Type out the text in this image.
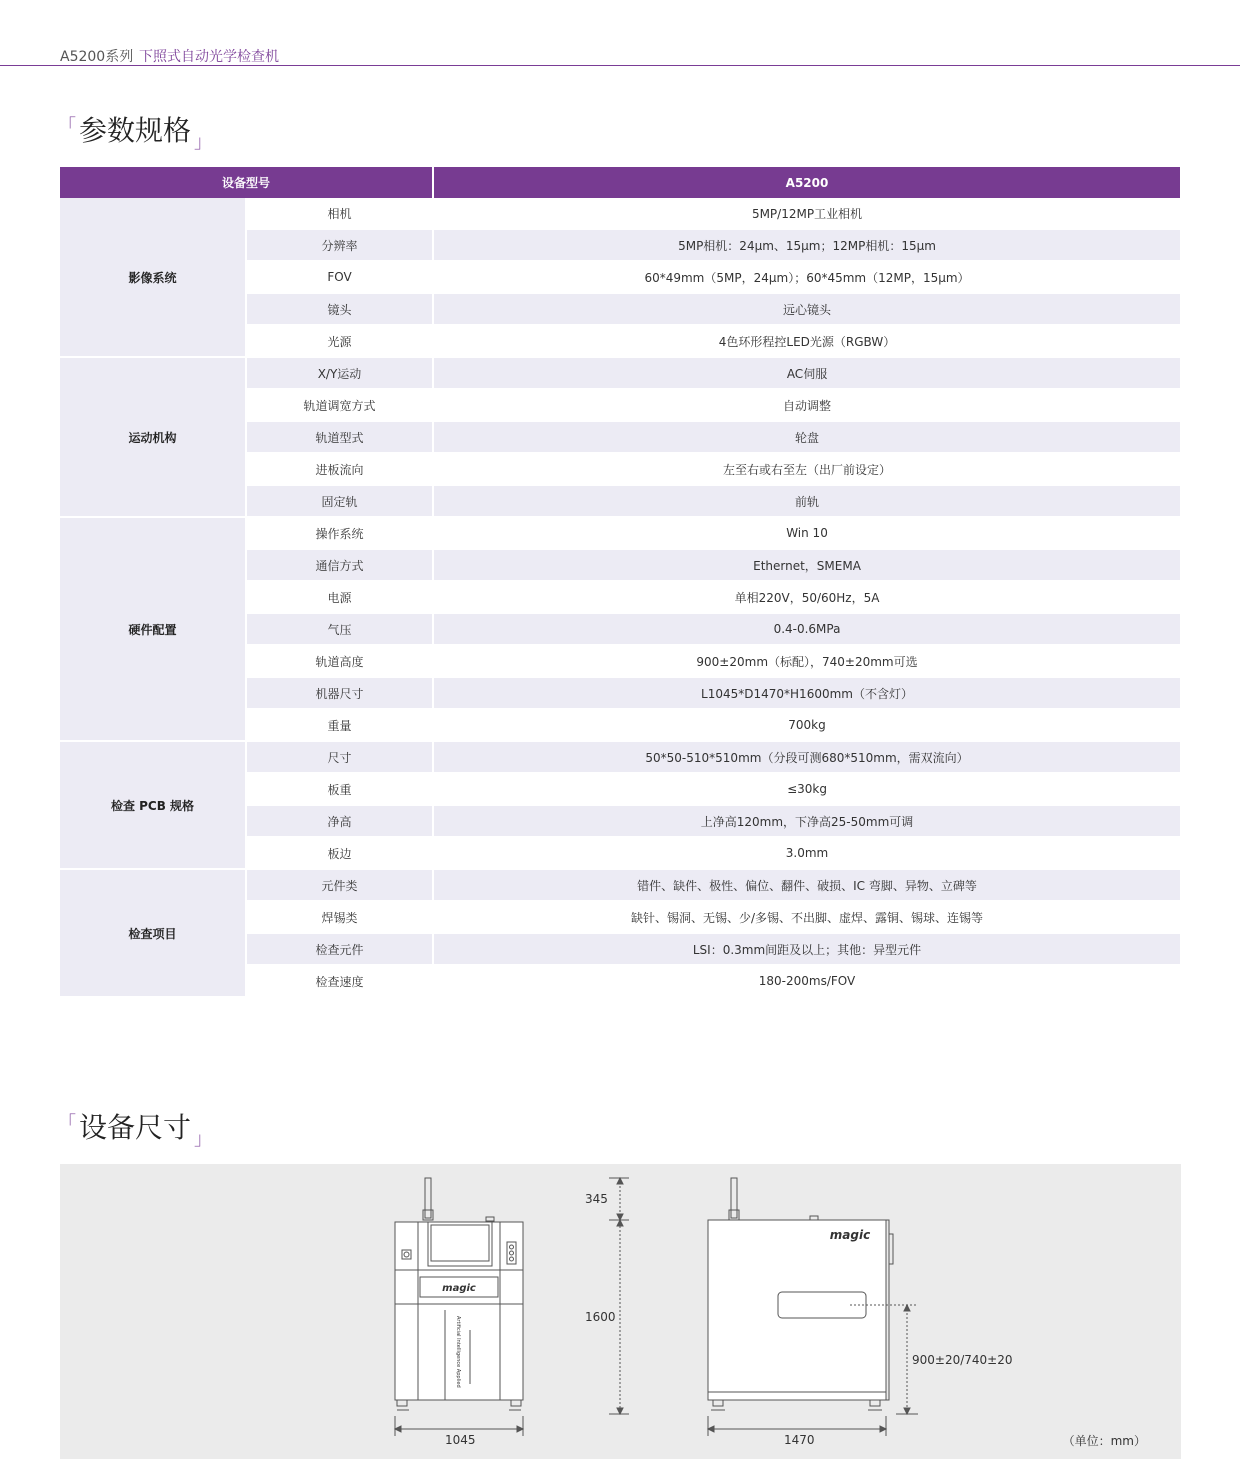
A5200系列 下照式自动光学检查机
「 参数规格 」
设备型号		A5200
影像系统	相机	5MP/12MP工业相机
	分辨率	5MP相机：24μm、15μm；12MP相机：15μm
	FOV	60*49mm（5MP，24μm）；60*45mm（12MP，15μm）
	镜头	远心镜头
	光源	4色环形程控LED光源（RGBW）
运动机构	X/Y运动	AC伺服
	轨道调宽方式	自动调整
	轨道型式	轮盘
	进板流向	左至右或右至左（出厂前设定）
	固定轨	前轨
硬件配置	操作系统	Win 10
	通信方式	Ethernet，SMEMA
	电源	单相220V，50/60Hz，5A
	气压	0.4-0.6MPa
	轨道高度	900±20mm（标配），740±20mm可选
	机器尺寸	L1045*D1470*H1600mm（不含灯）
	重量	700kg
检查 PCB 规格	尺寸	50*50-510*510mm（分段可测680*510mm，需双流向）
	板重	≤30kg
	净高	上净高120mm，下净高25-50mm可调
	板边	3.0mm
检查项目	元件类	错件、缺件、极性、偏位、翻件、破损、IC 弯脚、异物、立碑等
	焊锡类	缺针、锡洞、无锡、少/多锡、不出脚、虚焊、露铜、锡球、连锡等
	检查元件	LSI：0.3mm间距及以上；其他：异型元件
	检查速度	180-200ms/FOV
「 设备尺寸 」
magic
magic
Artificial Intelligence Applied
345
1600
1045	1470
900±20/740±20
（单位：mm）
